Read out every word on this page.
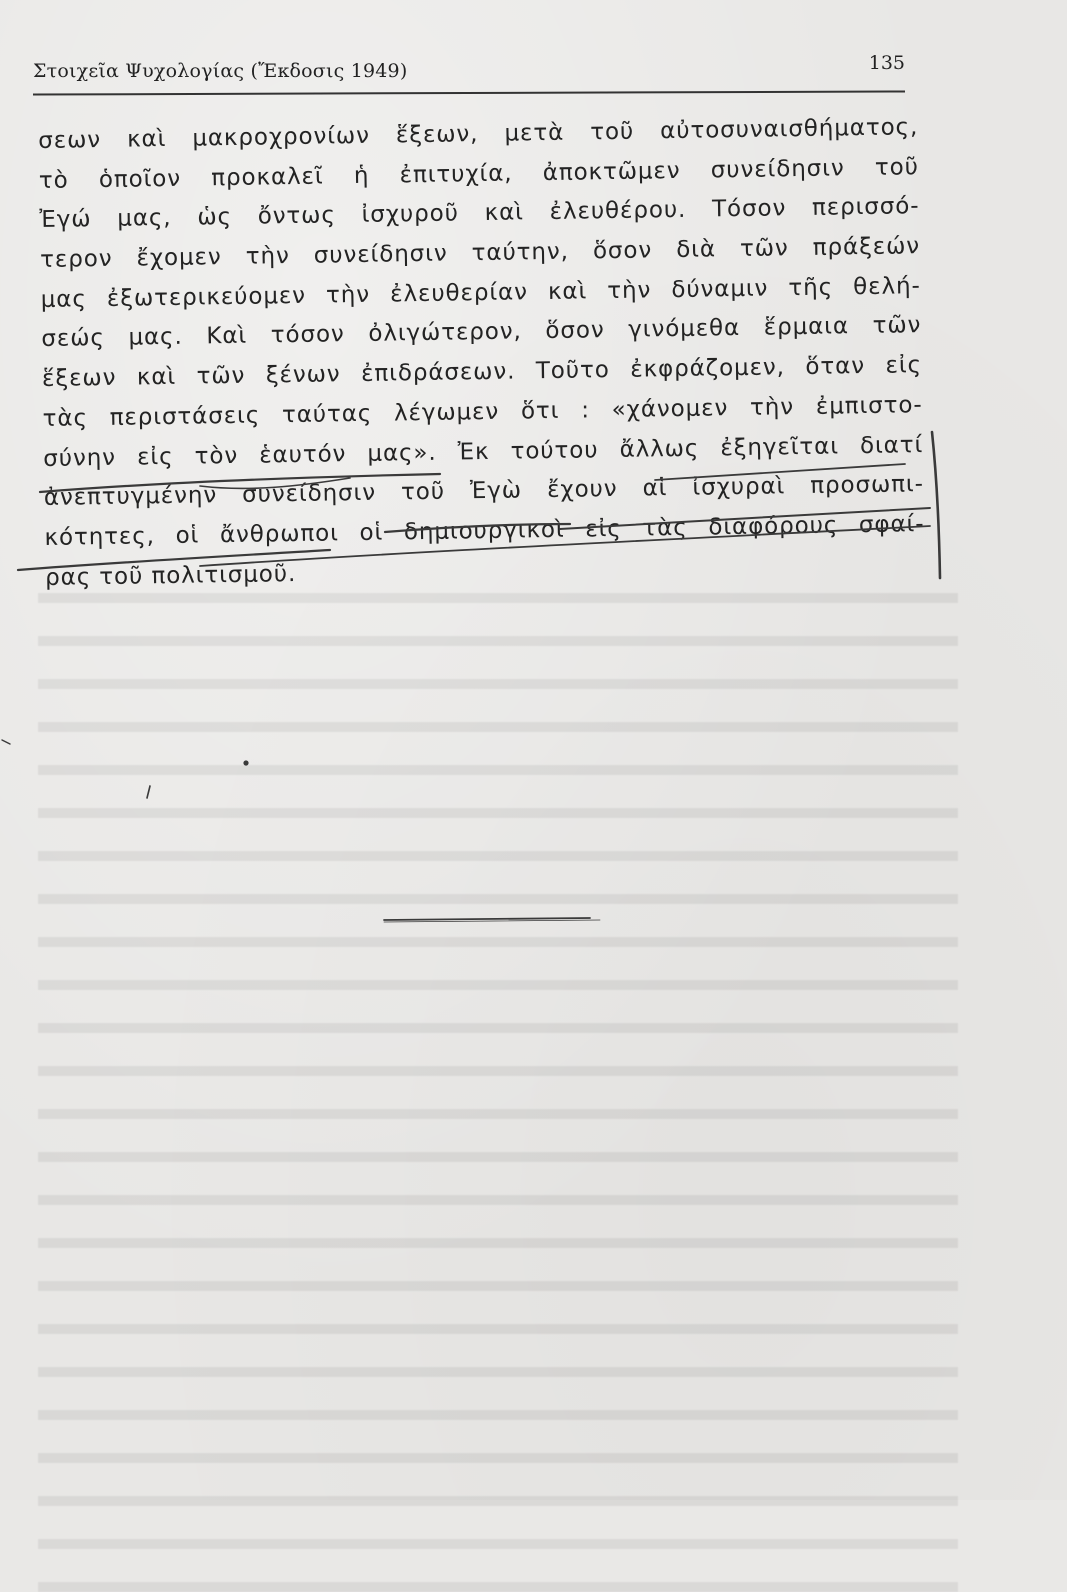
Στοιχεῖα Ψυχολογίας (Ἔκδοσις 1949)	135
σεων καὶ μακροχρονίων ἕξεων, μετὰ τοῦ αὐτοσυναισθήματος,
τὸ ὁποῖον προκαλεῖ ἡ ἐπιτυχία, ἀποκτῶμεν συνείδησιν τοῦ
Ἐγώ μας, ὡς ὄντως ἰσχυροῦ καὶ ἐλευθέρου. Τόσον περισσό-
τερον ἔχομεν τὴν συνείδησιν ταύτην, ὅσον διὰ τῶν πράξεών
μας ἐξωτερικεύομεν τὴν ἐλευθερίαν καὶ τὴν δύναμιν τῆς θελή-
σεώς μας. Καὶ τόσον ὀλιγώτερον, ὅσον γινόμεθα ἕρμαια τῶν
ἕξεων καὶ τῶν ξένων ἐπιδράσεων. Τοῦτο ἐκφράζομεν, ὅταν εἰς
τὰς περιστάσεις ταύτας λέγωμεν ὅτι : «χάνομεν τὴν ἐμπιστο-
σύνην εἰς τὸν ἑαυτόν μας». Ἐκ τούτου ἄλλως ἐξηγεῖται διατί
ἀνεπτυγμένην συνείδησιν τοῦ Ἐγὼ ἔχουν αἱ ἰσχυραὶ προσωπι-
κότητες, οἱ ἄνθρωποι οἱ δημιουργικοὶ εἰς τὰς διαφόρους σφαί-
ρας τοῦ πολιτισμοῦ.
